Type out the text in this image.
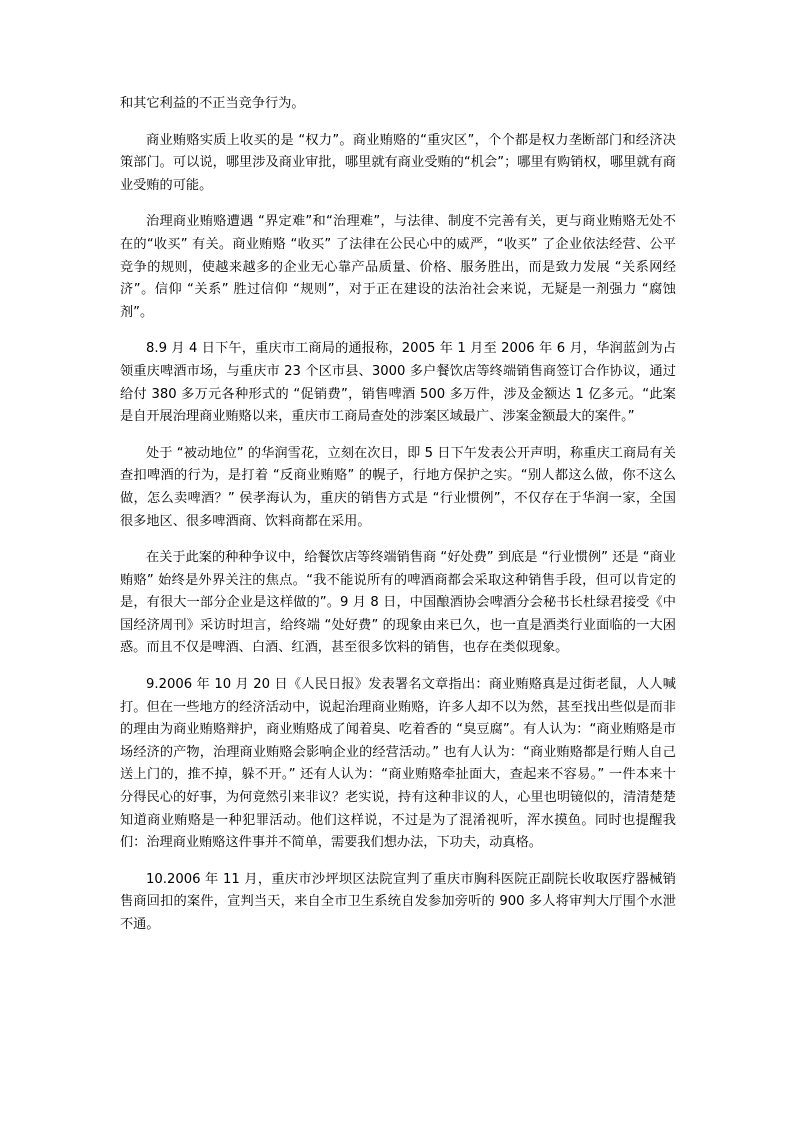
和其它利益的不正当竞争行为。

商业贿赂实质上收买的是 “权力”。商业贿赂的“重灾区”，个个都是权力垄断部门和经济决策部门。可以说，哪里涉及商业审批，哪里就有商业受贿的“机会”；哪里有购销权，哪里就有商业受贿的可能。

治理商业贿赂遭遇 “界定难”和“治理难”，与法律、制度不完善有关，更与商业贿赂无处不在的“收买” 有关。商业贿赂 “收买” 了法律在公民心中的威严，“收买” 了企业依法经营、公平竞争的规则，使越来越多的企业无心靠产品质量、价格、服务胜出，而是致力发展 “关系网经济”。信仰 “关系” 胜过信仰 “规则”，对于正在建设的法治社会来说，无疑是一剂强力 “腐蚀剂”。

8.9 月 4 日下午，重庆市工商局的通报称，2005 年 1 月至 2006 年 6 月，华润蓝剑为占领重庆啤酒市场，与重庆市 23 个区市县、3000 多户餐饮店等终端销售商签订合作协议，通过给付 380 多万元各种形式的 “促销费”，销售啤酒 500 多万件，涉及金额达 1 亿多元。“此案是自开展治理商业贿赂以来，重庆市工商局查处的涉案区域最广、涉案金额最大的案件。”

处于 “被动地位” 的华润雪花，立刻在次日，即 5 日下午发表公开声明，称重庆工商局有关查扣啤酒的行为，是打着 “反商业贿赂” 的幌子，行地方保护之实。“别人都这么做，你不这么做，怎么卖啤酒？” 侯孝海认为，重庆的销售方式是 “行业惯例”，不仅存在于华润一家，全国很多地区、很多啤酒商、饮料商都在采用。

在关于此案的种种争议中，给餐饮店等终端销售商 “好处费” 到底是 “行业惯例” 还是 “商业贿赂” 始终是外界关注的焦点。“我不能说所有的啤酒商都会采取这种销售手段，但可以肯定的是，有很大一部分企业是这样做的”。9 月 8 日，中国酿酒协会啤酒分会秘书长杜绿君接受《中国经济周刊》采访时坦言，给终端 “处好费” 的现象由来已久，也一直是酒类行业面临的一大困惑。而且不仅是啤酒、白酒、红酒，甚至很多饮料的销售，也存在类似现象。

9.2006 年 10 月 20 日《人民日报》发表署名文章指出：商业贿赂真是过街老鼠，人人喊打。但在一些地方的经济活动中，说起治理商业贿赂，许多人却不以为然，甚至找出些似是而非的理由为商业贿赂辩护，商业贿赂成了闻着臭、吃着香的 “臭豆腐”。有人认为：“商业贿赂是市场经济的产物，治理商业贿赂会影响企业的经营活动。” 也有人认为：“商业贿赂都是行贿人自己送上门的，推不掉，躲不开。” 还有人认为：“商业贿赂牵扯面大，查起来不容易。” 一件本来十分得民心的好事，为何竟然引来非议？老实说，持有这种非议的人，心里也明镜似的，清清楚楚知道商业贿赂是一种犯罪活动。他们这样说，不过是为了混淆视听，浑水摸鱼。同时也提醒我们：治理商业贿赂这件事并不简单，需要我们想办法，下功夫，动真格。

10.2006 年 11 月，重庆市沙坪坝区法院宣判了重庆市胸科医院正副院长收取医疗器械销售商回扣的案件，宣判当天，来自全市卫生系统自发参加旁听的 900 多人将审判大厅围个水泄不通。
